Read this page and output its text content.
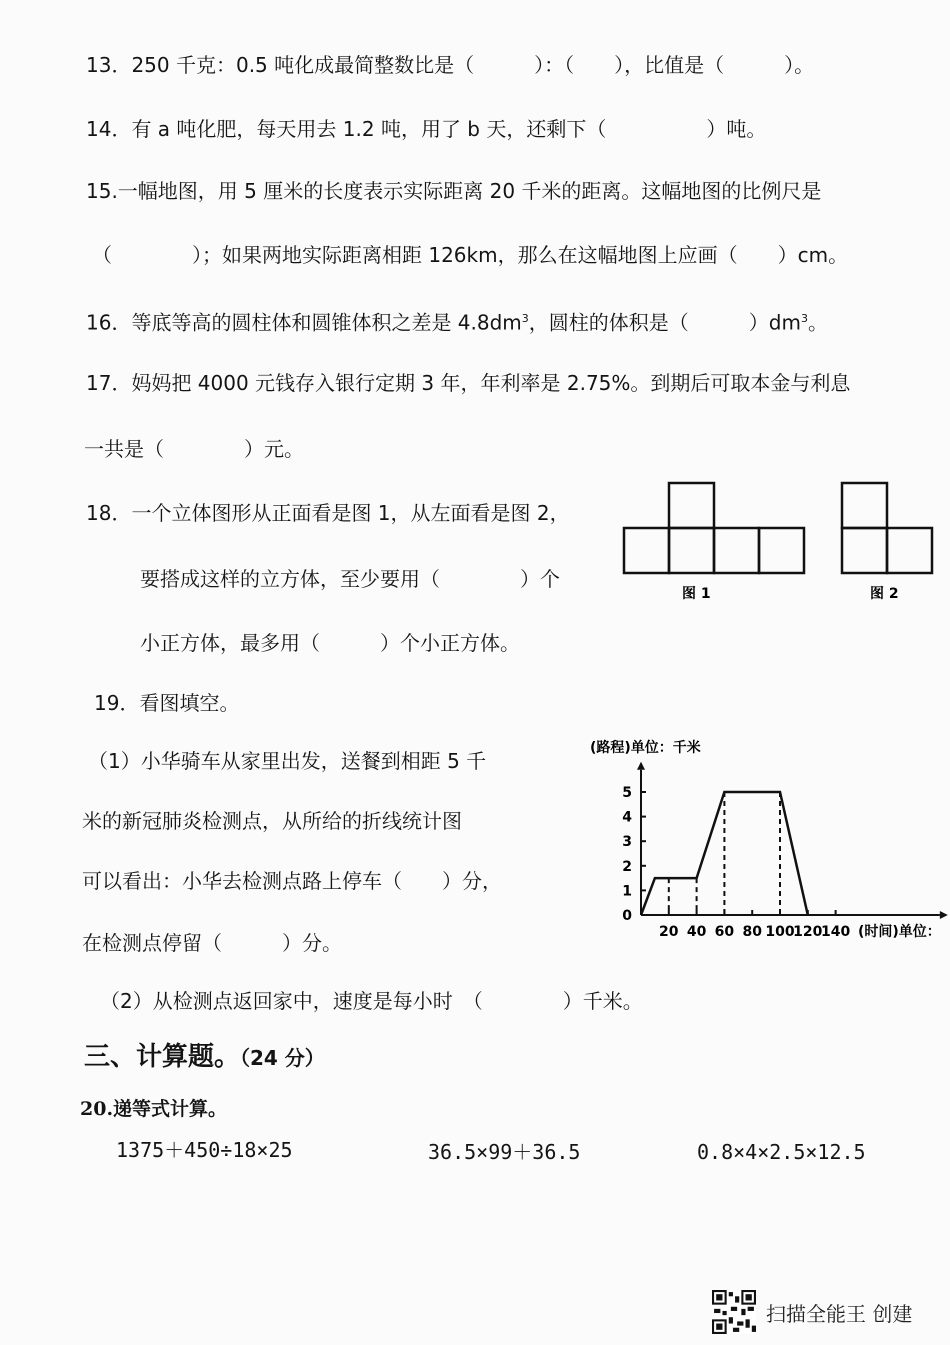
13．250 千克：0.5 吨化成最简整数比是（　　　）：（　　），比值是（　　　）。
14．有 a 吨化肥，每天用去 1.2 吨，用了 b 天，还剩下（　　　　　）吨。
15.一幅地图，用 5 厘米的长度表示实际距离 20 千米的距离。这幅地图的比例尺是
（　　　　）；如果两地实际距离相距 126km，那么在这幅地图上应画（　　）cm。
16．等底等高的圆柱体和圆锥体积之差是 $4.8dm^3$，圆柱的体积是（　　　）$dm^3$。
17．妈妈把 4000 元钱存入银行定期 3 年，年利率是 2.75%。到期后可取本金与利息
一共是（　　　　）元。
18．一个立体图形从正面看是图 1，从左面看是图 2，
要搭成这样的立方体，至少要用（　　　　）个
小正方体，最多用（　　　）个小正方体。
图 1	图 2
19．看图填空。
（1）小华骑车从家里出发，送餐到相距 5 千
米的新冠肺炎检测点，从所给的折线统计图
可以看出：小华去检测点路上停车（　　）分，
在检测点停留（　　　）分。
(路程)单位：千米
(时间)单位：
20 40 60 80 100
120
140
0
1
2
3
4
5
（2）从检测点返回家中，速度是每小时　（　　　　）千米。
三、计算题。（24 分）
20.递等式计算。
1375＋450÷18×25	36.5×99＋36.5	0.8×4×2.5×12.5
扫描全能王 创建
